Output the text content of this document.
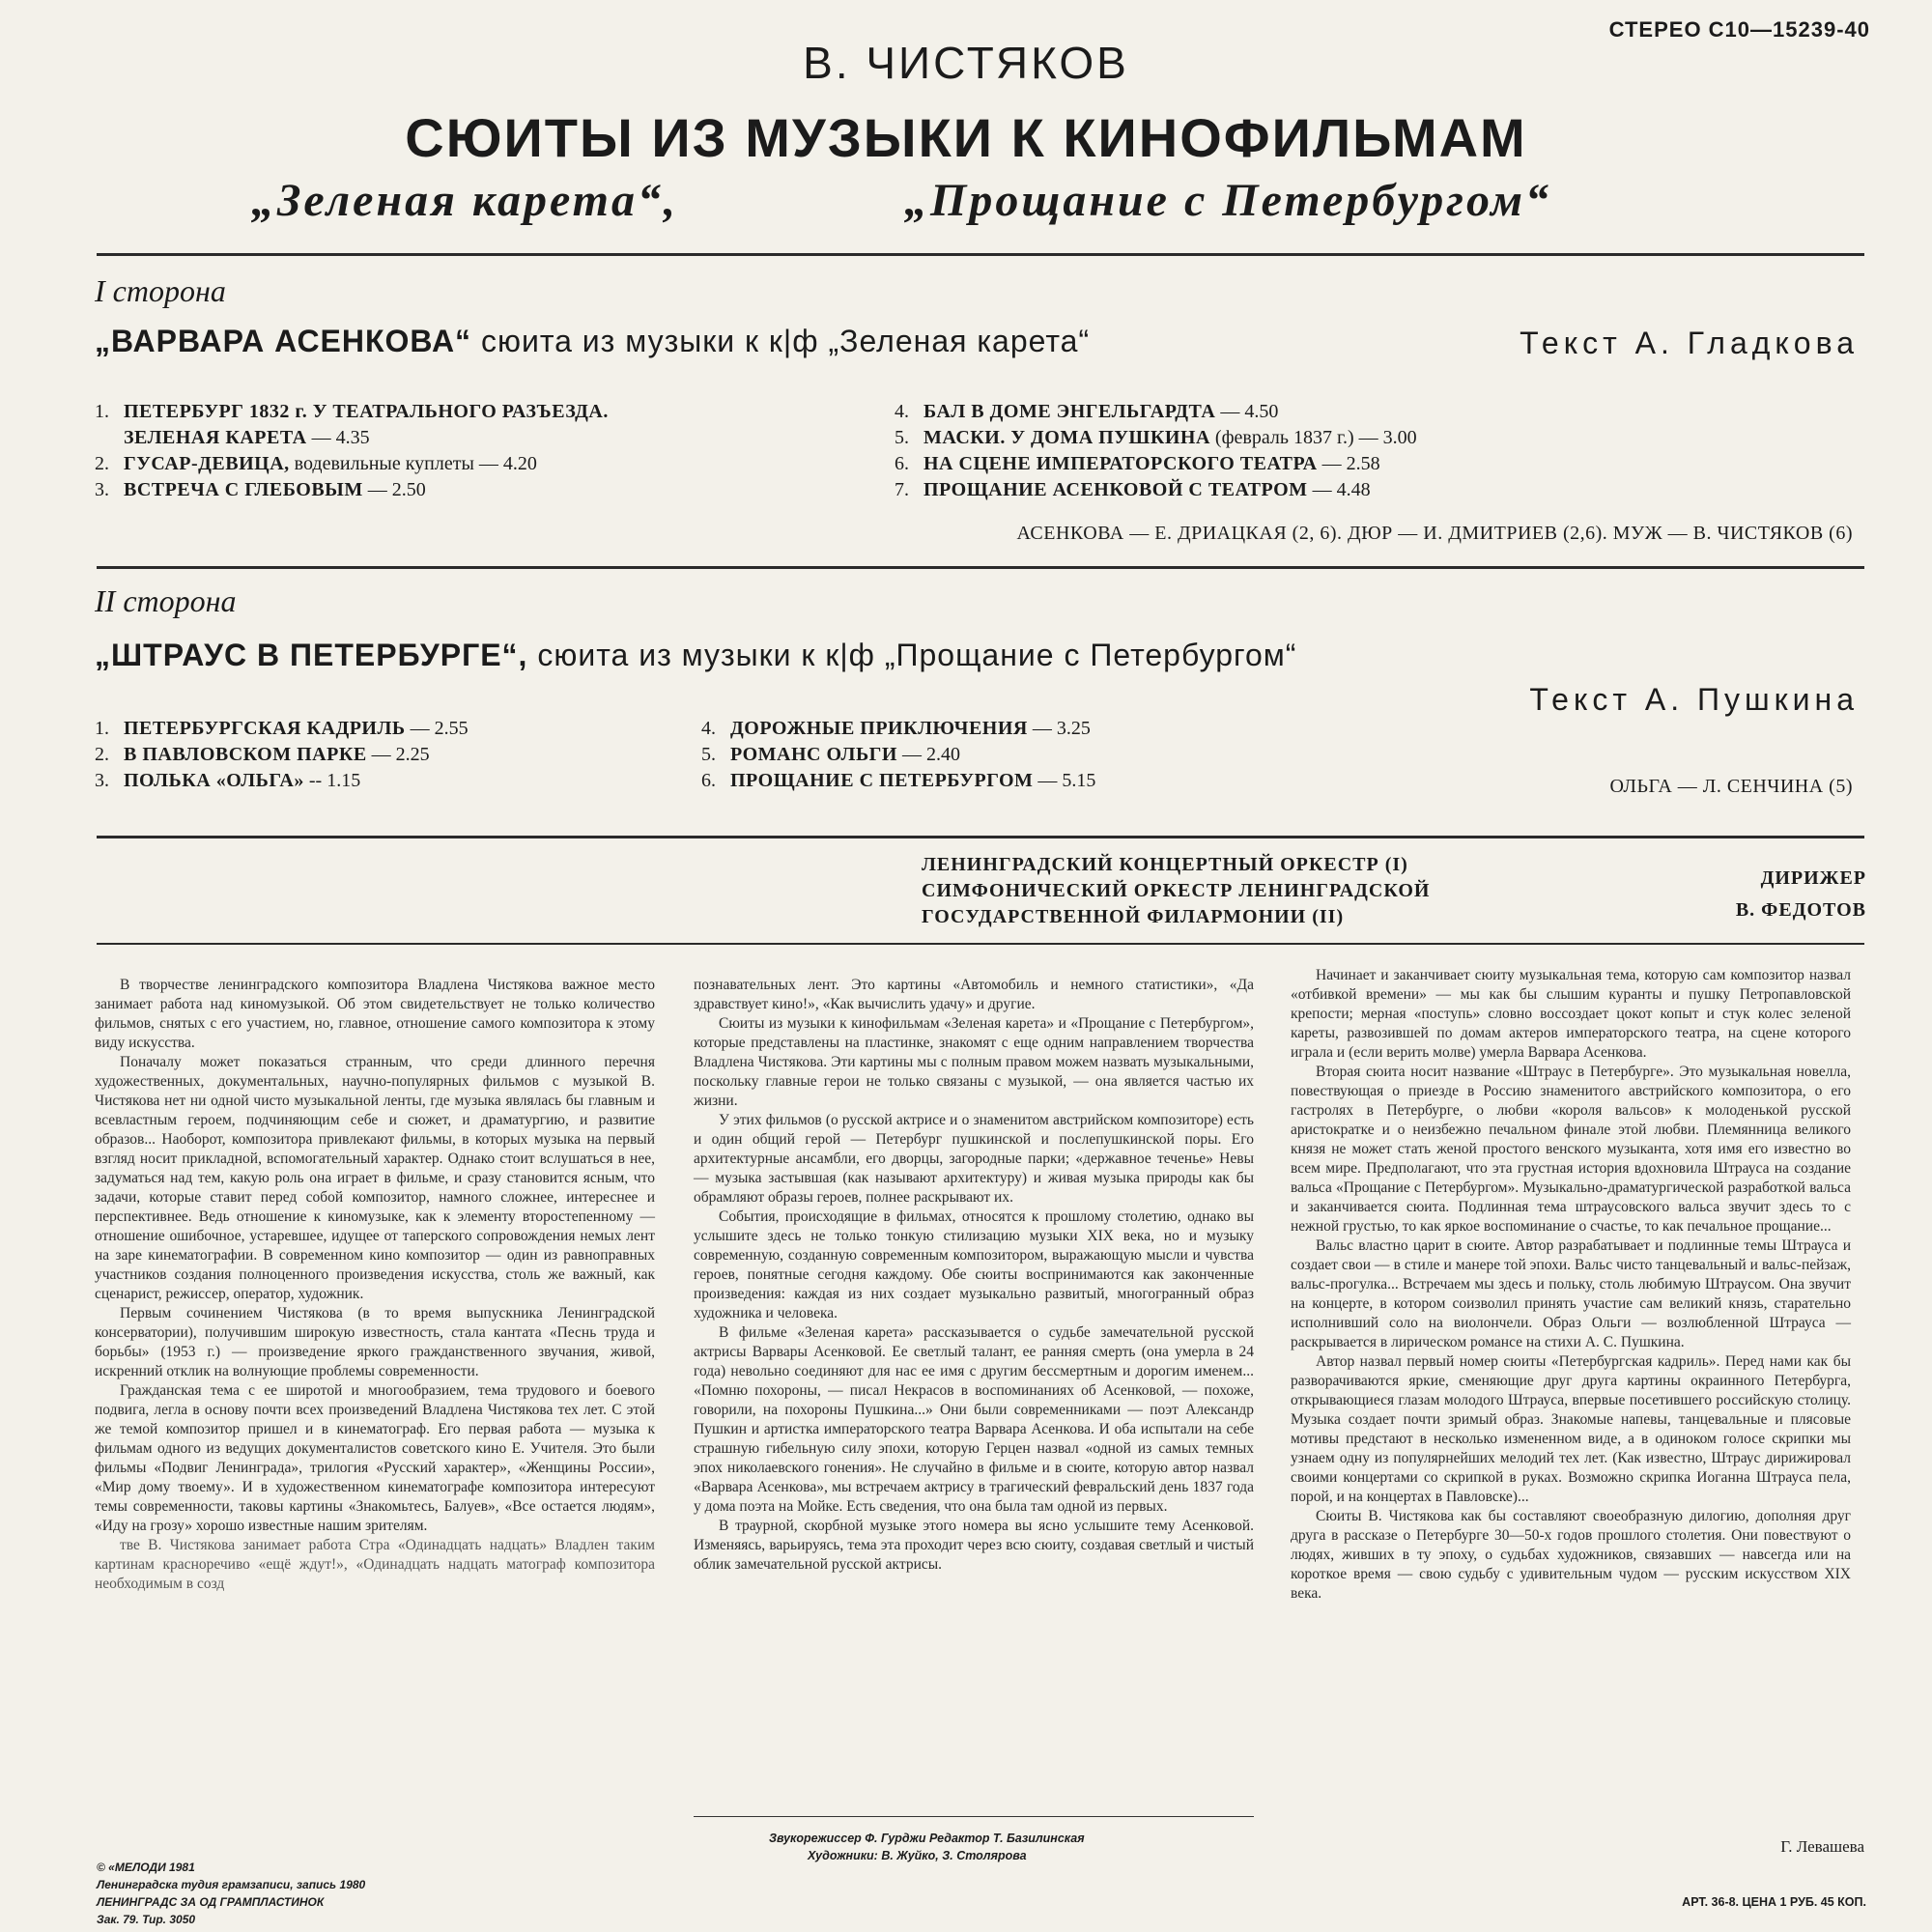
СТЕРЕО С10—15239-40
В. ЧИСТЯКОВ
СЮИТЫ ИЗ МУЗЫКИ К КИНОФИЛЬМАМ
„Зеленая карета“,	„Прощание с Петербургом“
I сторона
„ВАРВАРА АСЕНКОВА“ сюита из музыки к к|ф „Зеленая карета“	Текст А. Гладкова
1. ПЕТЕРБУРГ 1832 г. У ТЕАТРАЛЬНОГО РАЗЪЕЗДА.
ЗЕЛЕНАЯ КАРЕТА — 4.35
2. ГУСАР-ДЕВИЦА, водевильные куплеты — 4.20
3. ВСТРЕЧА С ГЛЕБОВЫМ — 2.50
4. БАЛ В ДОМЕ ЭНГЕЛЬГАРДТА — 4.50
5. МАСКИ. У ДОМА ПУШКИНА (февраль 1837 г.) — 3.00
6. НА СЦЕНЕ ИМПЕРАТОРСКОГО ТЕАТРА — 2.58
7. ПРОЩАНИЕ АСЕНКОВОЙ С ТЕАТРОМ — 4.48
АСЕНКОВА — Е. ДРИАЦКАЯ (2, 6). ДЮР — И. ДМИТРИЕВ (2,6). МУЖ — В. ЧИСТЯКОВ (6)
II сторона
„ШТРАУС В ПЕТЕРБУРГЕ“, сюита из музыки к к|ф „Прощание с Петербургом“
Текст А. Пушкина
1. ПЕТЕРБУРГСКАЯ КАДРИЛЬ — 2.55
2. В ПАВЛОВСКОМ ПАРКЕ — 2.25
3. ПОЛЬКА «ОЛЬГА» -- 1.15
4. ДОРОЖНЫЕ ПРИКЛЮЧЕНИЯ — 3.25
5. РОМАНС ОЛЬГИ — 2.40
6. ПРОЩАНИЕ С ПЕТЕРБУРГОМ — 5.15	ОЛЬГА — Л. СЕНЧИНА (5)
ЛЕНИНГРАДСКИЙ КОНЦЕРТНЫЙ ОРКЕСТР (I)
СИМФОНИЧЕСКИЙ ОРКЕСТР ЛЕНИНГРАДСКОЙ
ГОСУДАРСТВЕННОЙ ФИЛАРМОНИИ (II)
ДИРИЖЕР
В. ФЕДОТОВ

В творчестве ленинградского композитора Владлена Чистякова важное место занимает работа над киномузыкой. Об этом свидетельствует не только количество фильмов, снятых с его участием, но, главное, отношение самого композитора к этому виду искусства.

Поначалу может показаться странным, что среди длинного перечня художественных, документальных, научно-популярных фильмов с музыкой В. Чистякова нет ни одной чисто музыкальной ленты, где музыка являлась бы главным и всевластным героем, подчиняющим себе и сюжет, и драматургию, и развитие образов... Наоборот, композитора привлекают фильмы, в которых музыка на первый взгляд носит прикладной, вспомогательный характер. Однако стоит вслушаться в нее, задуматься над тем, какую роль она играет в фильме, и сразу становится ясным, что задачи, которые ставит перед собой композитор, намного сложнее, интереснее и перспективнее. Ведь отношение к киномузыке, как к элементу второстепенному — отношение ошибочное, устаревшее, идущее от таперского сопровождения немых лент на заре кинематографии. В современном кино композитор — один из равноправных участников создания полноценного произведения искусства, столь же важный, как сценарист, режиссер, оператор, художник.

Первым сочинением Чистякова (в то время выпускника Ленинградской консерватории), получившим широкую известность, стала кантата «Песнь труда и борьбы» (1953 г.) — произведение яркого гражданственного звучания, живой, искренний отклик на волнующие проблемы современности.

Гражданская тема с ее широтой и многообразием, тема трудового и боевого подвига, легла в основу почти всех произведений Владлена Чистякова тех лет. С этой же темой композитор пришел и в кинематограф. Его первая работа — музыка к фильмам одного из ведущих документалистов советского кино Е. Учителя. Это были фильмы «Подвиг Ленинграда», трилогия «Русский характер», «Женщины России», «Мир дому твоему». И в художественном кинематографе композитора интересуют темы современности, таковы картины «Знакомьтесь, Балуев», «Все остается людям», «Иду на грозу» хорошо известные нашим зрителям.

тве В. Чистякова занимает работа Стра «Одинадцать надцать» Владлен таким картинам красноречиво «ещё ждут!», «Одинадцать надцать матограф композитора необходимым в созд

познавательных лент. Это картины «Автомобиль и немного статистики», «Да здравствует кино!», «Как вычислить удачу» и другие.

Сюиты из музыки к кинофильмам «Зеленая карета» и «Прощание с Петербургом», которые представлены на пластинке, знакомят с еще одним направлением творчества Владлена Чистякова. Эти картины мы с полным правом можем назвать музыкальными, поскольку главные герои не только связаны с музыкой, — она является частью их жизни.

У этих фильмов (о русской актрисе и о знаменитом австрийском композиторе) есть и один общий герой — Петербург пушкинской и послепушкинской поры. Его архитектурные ансамбли, его дворцы, загородные парки; «державное теченье» Невы — музыка застывшая (как называют архитектуру) и живая музыка природы как бы обрамляют образы героев, полнее раскрывают их.

События, происходящие в фильмах, относятся к прошлому столетию, однако вы услышите здесь не только тонкую стилизацию музыки XIX века, но и музыку современную, созданную современным композитором, выражающую мысли и чувства героев, понятные сегодня каждому. Обе сюиты воспринимаются как законченные произведения: каждая из них создает музыкально развитый, многогранный образ художника и человека.

В фильме «Зеленая карета» рассказывается о судьбе замечательной русской актрисы Варвары Асенковой. Ее светлый талант, ее ранняя смерть (она умерла в 24 года) невольно соединяют для нас ее имя с другим бессмертным и дорогим именем... «Помню похороны, — писал Некрасов в воспоминаниях об Асенковой, — похоже, говорили, на похороны Пушкина...» Они были современниками — поэт Александр Пушкин и артистка императорского театра Варвара Асенкова. И оба испытали на себе страшную гибельную силу эпохи, которую Герцен назвал «одной из самых темных эпох николаевского гонения». Не случайно в фильме и в сюите, которую автор назвал «Варвара Асенкова», мы встречаем актрису в трагический февральский день 1837 года у дома поэта на Мойке. Есть сведения, что она была там одной из первых.

В траурной, скорбной музыке этого номера вы ясно услышите тему Асенковой. Изменяясь, варьируясь, тема эта проходит через всю сюиту, создавая светлый и чистый облик замечательной русской актрисы.

Начинает и заканчивает сюиту музыкальная тема, которую сам композитор назвал «отбивкой времени» — мы как бы слышим куранты и пушку Петропавловской крепости; мерная «поступь» словно воссоздает цокот копыт и стук колес зеленой кареты, развозившей по домам актеров императорского театра, на сцене которого играла и (если верить молве) умерла Варвара Асенкова.

Вторая сюита носит название «Штраус в Петербурге». Это музыкальная новелла, повествующая о приезде в Россию знаменитого австрийского композитора, о его гастролях в Петербурге, о любви «короля вальсов» к молоденькой русской аристократке и о неизбежно печальном финале этой любви. Племянница великого князя не может стать женой простого венского музыканта, хотя имя его известно во всем мире. Предполагают, что эта грустная история вдохновила Штрауса на создание вальса «Прощание с Петербургом». Музыкально-драматургической разработкой вальса и заканчивается сюита. Подлинная тема штраусовского вальса звучит здесь то с нежной грустью, то как яркое воспоминание о счастье, то как печальное прощание...

Вальс властно царит в сюите. Автор разрабатывает и подлинные темы Штрауса и создает свои — в стиле и манере той эпохи. Вальс чисто танцевальный и вальс-пейзаж, вальс-прогулка... Встречаем мы здесь и польку, столь любимую Штраусом. Она звучит на концерте, в котором соизволил принять участие сам великий князь, старательно исполнивший соло на виолончели. Образ Ольги — возлюбленной Штрауса — раскрывается в лирическом романсе на стихи А. С. Пушкина.

Автор назвал первый номер сюиты «Петербургская кадриль». Перед нами как бы разворачиваются яркие, сменяющие друг друга картины окраинного Петербурга, открывающиеся глазам молодого Штрауса, впервые посетившего российскую столицу. Музыка создает почти зримый образ. Знакомые напевы, танцевальные и плясовые мотивы предстают в несколько измененном виде, а в одиноком голосе скрипки мы узнаем одну из популярнейших мелодий тех лет. (Как известно, Штраус дирижировал своими концертами со скрипкой в руках. Возможно скрипка Иоганна Штрауса пела, порой, и на концертах в Павловске)...

Сюиты В. Чистякова как бы составляют своеобразную дилогию, дополняя друг друга в рассказе о Петербурге 30—50-х годов прошлого столетия. Они повествуют о людях, живших в ту эпоху, о судьбах художников, связавших — навсегда или на короткое время — свою судьбу с удивительным чудом — русским искусством XIX века.

Г. Левашева
Звукорежиссер Ф. Гурджи Редактор Т. Базилинская
Художники: В. Жуйко, З. Столярова
© «МЕЛОДИ 1981
Ленинградска тудия грамзаписи, запись 1980
ЛЕНИНГРАДС ЗА ОД ГРАМПЛАСТИНОК
Зак. 79. Тир. 3050
АРТ. 36-8. ЦЕНА 1 РУБ. 45 КОП.
